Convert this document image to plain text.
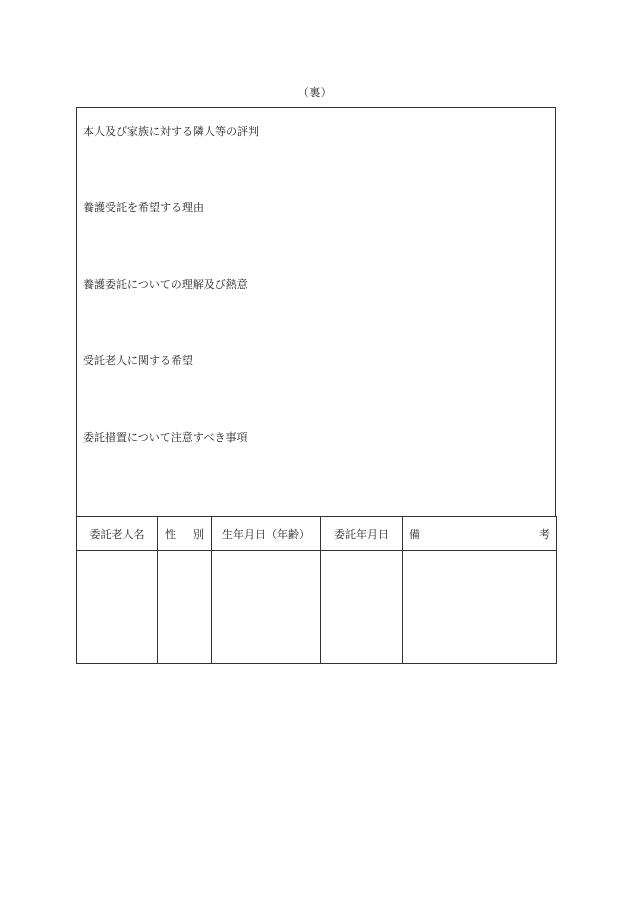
（裏）
本人及び家族に対する隣人等の評判
養護受託を希望する理由
養護委託についての理解及び熱意
受託老人に関する希望
委託措置について注意すべき事項
委託老人名	性 別	生年月日（年齢）	委託年月日	備 考
